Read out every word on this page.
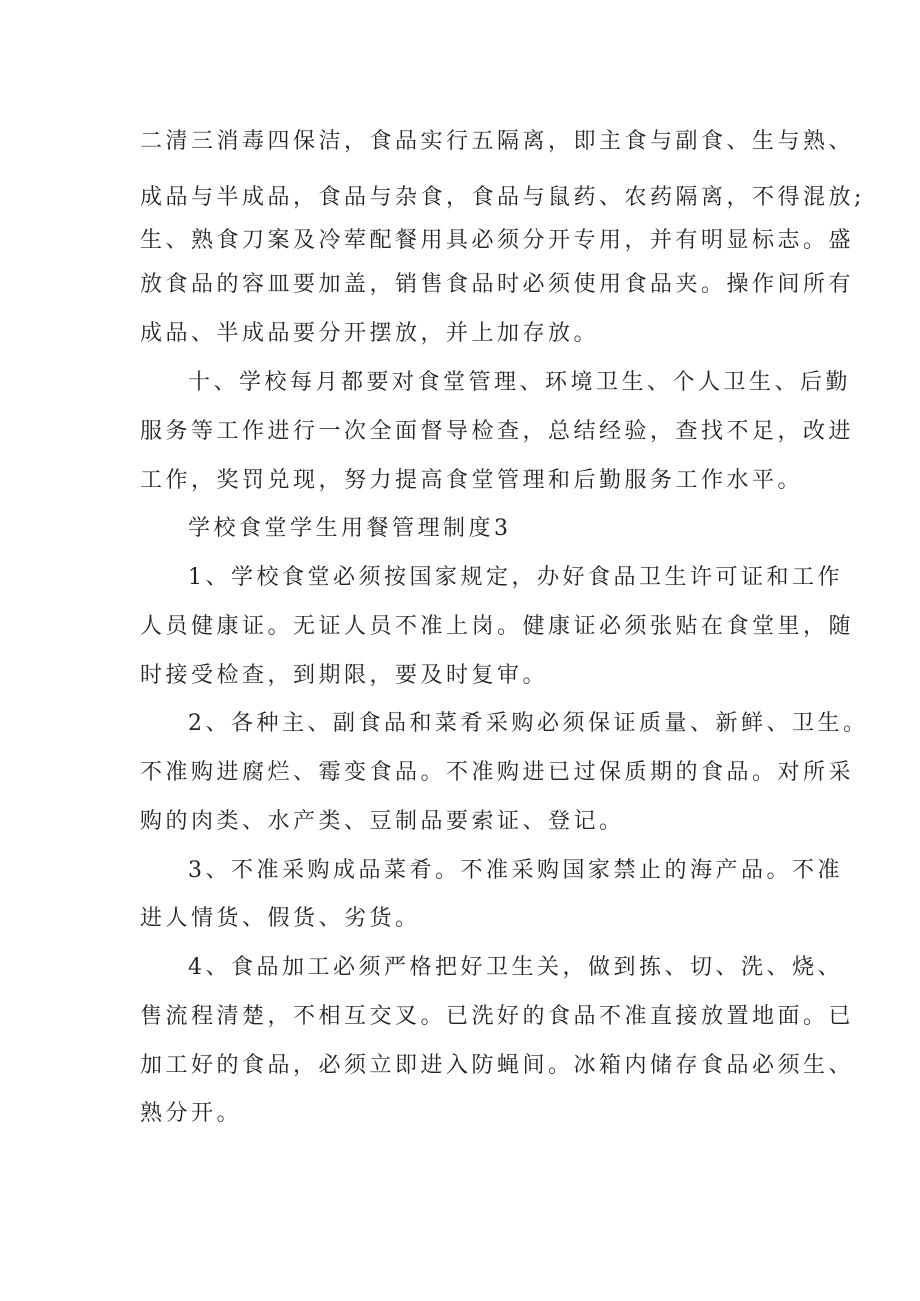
二清三消毒四保洁，食品实行五隔离，即主食与副食、生与熟、
成品与半成品，食品与杂食，食品与鼠药、农药隔离，不得混放;
生、熟食刀案及冷荤配餐用具必须分开专用，并有明显标志。盛
放食品的容皿要加盖，销售食品时必须使用食品夹。操作间所有
成品、半成品要分开摆放，并上加存放。
十、学校每月都要对食堂管理、环境卫生、个人卫生、后勤
服务等工作进行一次全面督导检查，总结经验，查找不足，改进
工作，奖罚兑现，努力提高食堂管理和后勤服务工作水平。
学校食堂学生用餐管理制度3
1、学校食堂必须按国家规定，办好食品卫生许可证和工作
人员健康证。无证人员不准上岗。健康证必须张贴在食堂里，随
时接受检查，到期限，要及时复审。
2、各种主、副食品和菜肴采购必须保证质量、新鲜、卫生。
不准购进腐烂、霉变食品。不准购进已过保质期的食品。对所采
购的肉类、水产类、豆制品要索证、登记。
3、不准采购成品菜肴。不准采购国家禁止的海产品。不准
进人情货、假货、劣货。
4、食品加工必须严格把好卫生关，做到拣、切、洗、烧、
售流程清楚，不相互交叉。已洗好的食品不准直接放置地面。已
加工好的食品，必须立即进入防蝇间。冰箱内储存食品必须生、
熟分开。
